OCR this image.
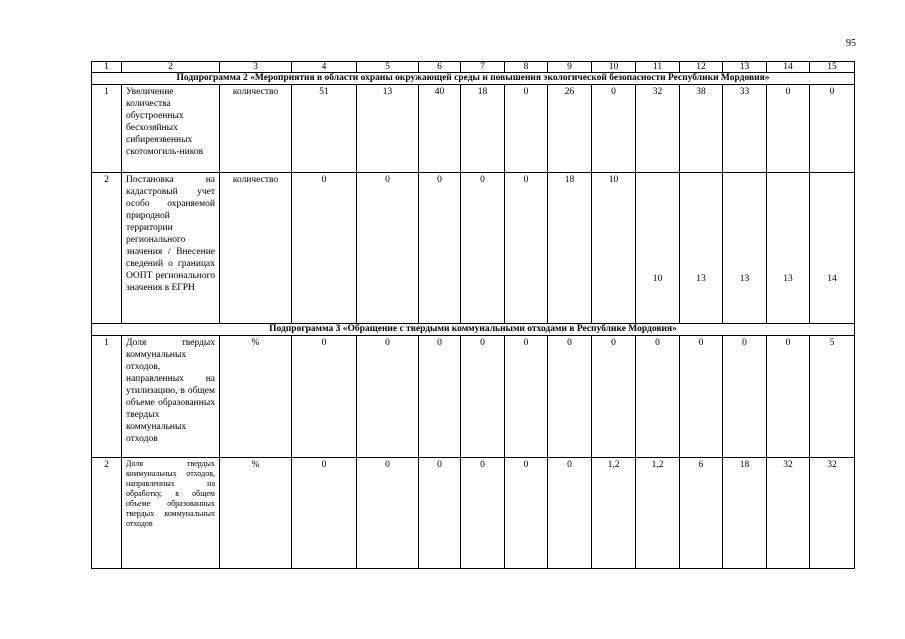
95
1	2	3	4	5	6	7	8	9	10	11	12	13	14	15
Подпрограмма 2 «Мероприятия в области охраны окружающей среды и повышения экологической безопасности Республики Мордовия»														
1	Увеличение количества обустроенных бесхозяйных сибиреязвенных скотомогиль-ников	количество	51	13	40	18	0	26	0	32	38	33	0	0
2	Постановка на кадастровый учет особо охраняемой природной территории регионального значения / Внесение сведений о границах ООПТ регионального значения в ЕГРН	количество	0	0	0	0	0	18	10	10	13	13	13	14
Подпрограмма 3 «Обращение с твердыми коммунальными отходами в Республике Мордовия»														
1	Доля твердых коммунальных отходов, направленных на утилизацию, в общем объеме образованных твердых коммунальных отходов	%	0	0	0	0	0	0	0	0	0	0	0	5
2	Доля твердых коммунальных отходов, направленных на обработку, в общем объеме образованных твердых коммунальных отходов	%	0	0	0	0	0	0	1,2	1,2	6	18	32	32
